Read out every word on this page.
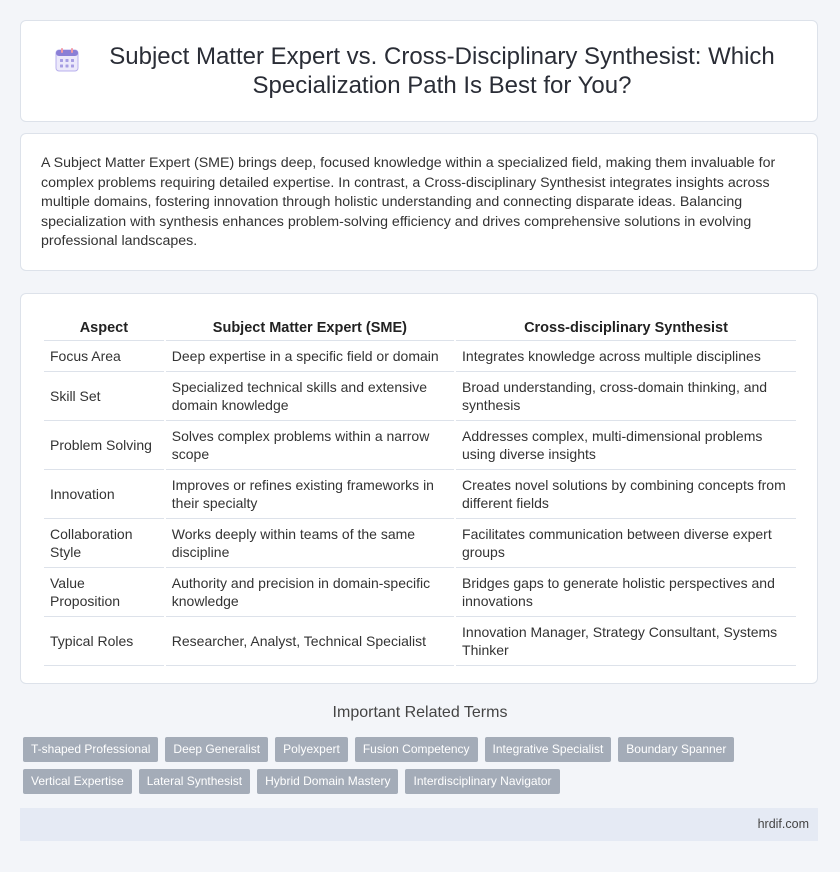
Subject Matter Expert vs. Cross-Disciplinary Synthesist: Which Specialization Path Is Best for You?

A Subject Matter Expert (SME) brings deep, focused knowledge within a specialized field, making them invaluable for complex problems requiring detailed expertise. In contrast, a Cross-disciplinary Synthesist integrates insights across multiple domains, fostering innovation through holistic understanding and connecting disparate ideas. Balancing specialization with synthesis enhances problem-solving efficiency and drives comprehensive solutions in evolving professional landscapes.

Aspect	Subject Matter Expert (SME)	Cross-disciplinary Synthesist
Focus Area	Deep expertise in a specific field or domain	Integrates knowledge across multiple disciplines
Skill Set	Specialized technical skills and extensive domain knowledge	Broad understanding, cross-domain thinking, and synthesis
Problem Solving	Solves complex problems within a narrow scope	Addresses complex, multi-dimensional problems using diverse insights
Innovation	Improves or refines existing frameworks in their specialty	Creates novel solutions by combining concepts from different fields
Collaboration Style	Works deeply within teams of the same discipline	Facilitates communication between diverse expert groups
Value Proposition	Authority and precision in domain-specific knowledge	Bridges gaps to generate holistic perspectives and innovations
Typical Roles	Researcher, Analyst, Technical Specialist	Innovation Manager, Strategy Consultant, Systems Thinker
Important Related Terms
T-shaped Professional	Deep Generalist	Polyexpert	Fusion Competency	Integrative Specialist	Boundary Spanner
Vertical Expertise	Lateral Synthesist	Hybrid Domain Mastery	Interdisciplinary Navigator
hrdif.com
